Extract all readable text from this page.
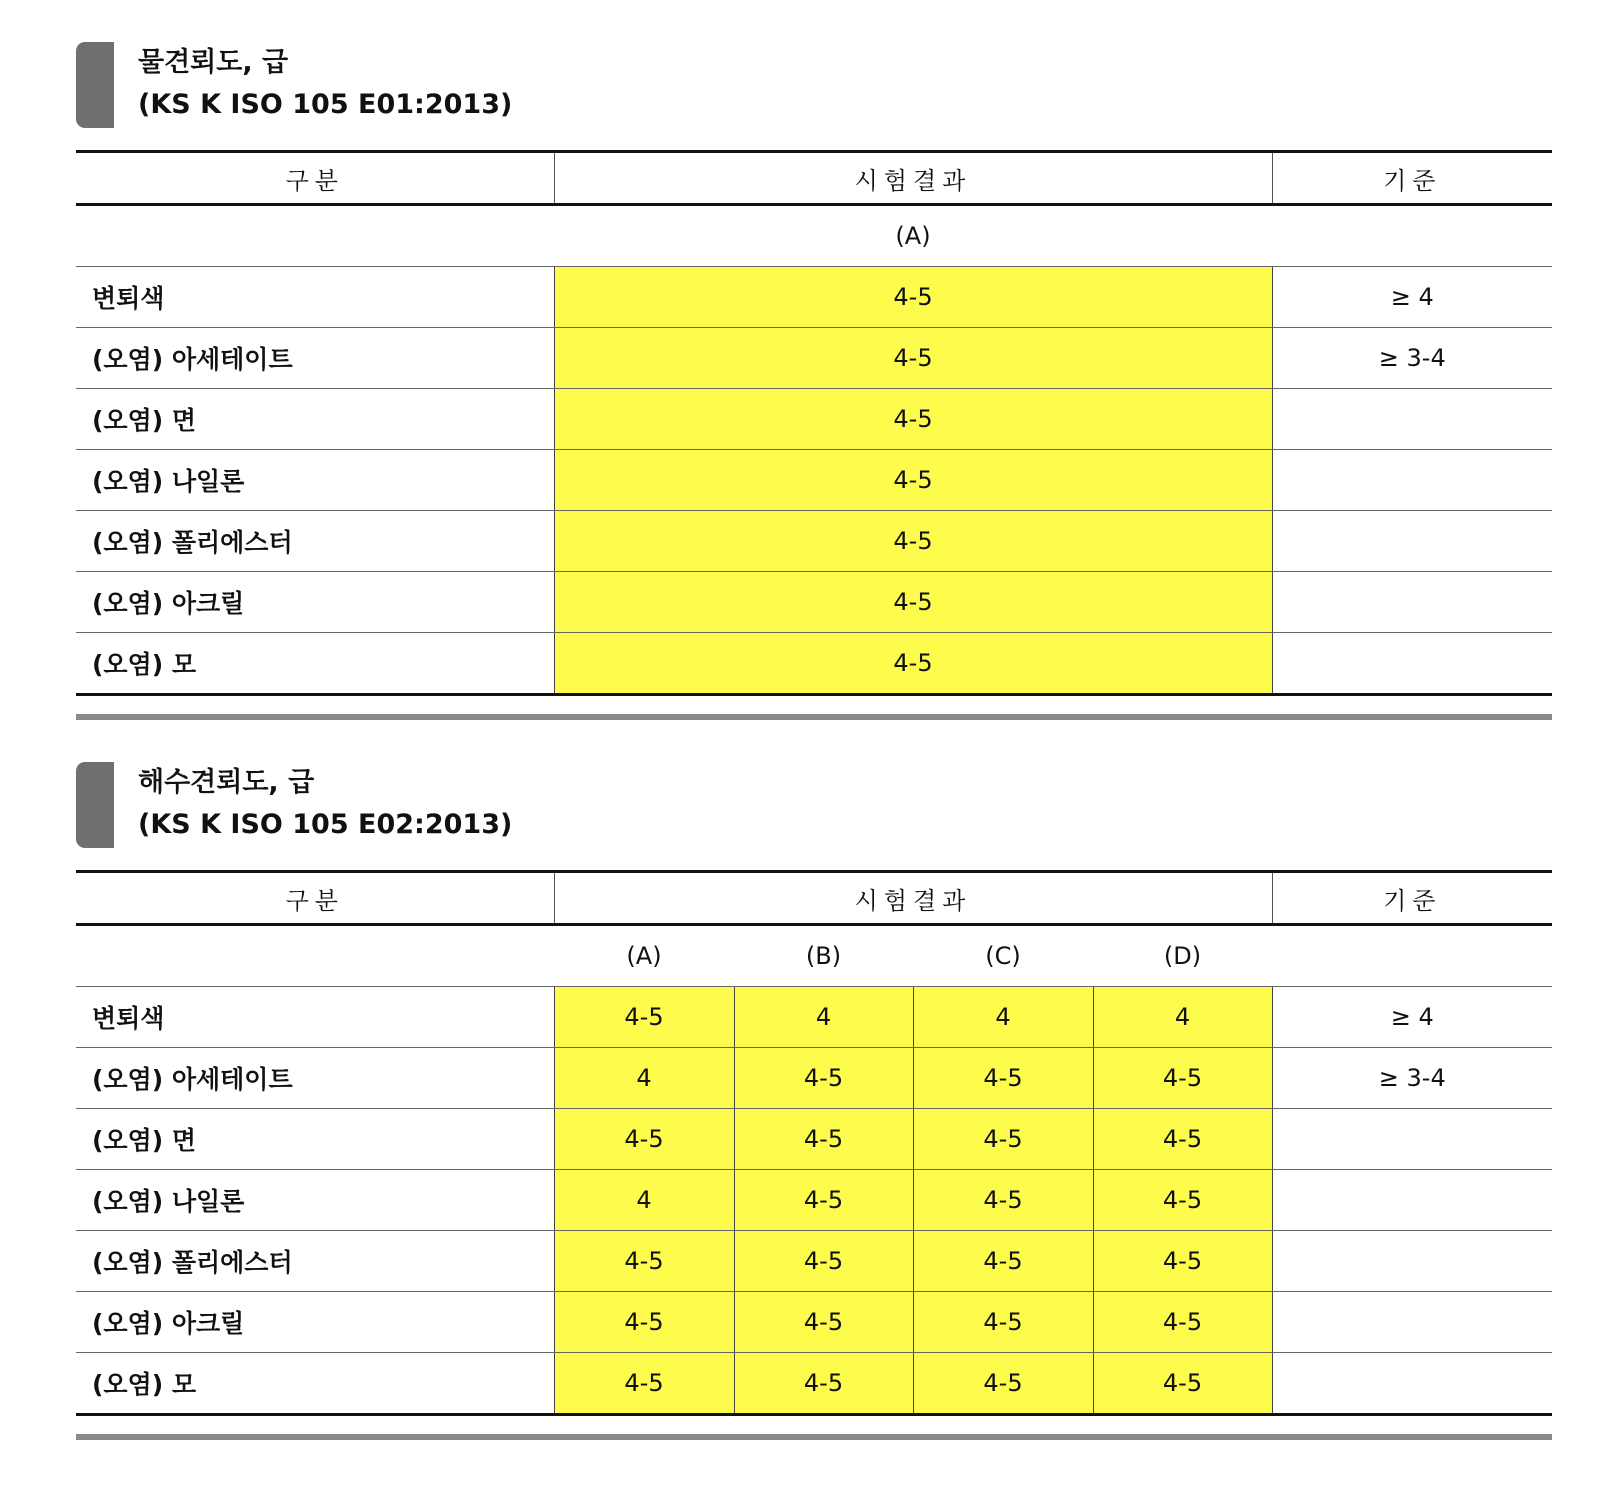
물견뢰도, 급
(KS K ISO 105 E01:2013)
구분	시험결과	기준
	(A)	
변퇴색	4-5	≥ 4
(오염) 아세테이트	4-5	≥ 3-4
(오염) 면	4-5	
(오염) 나일론	4-5	
(오염) 폴리에스터	4-5	
(오염) 아크릴	4-5	
(오염) 모	4-5	
해수견뢰도, 급
(KS K ISO 105 E02:2013)
구분	시험결과				기준
	(A)	(B)	(C)	(D)	
변퇴색	4-5	4	4	4	≥ 4
(오염) 아세테이트	4	4-5	4-5	4-5	≥ 3-4
(오염) 면	4-5	4-5	4-5	4-5	
(오염) 나일론	4	4-5	4-5	4-5	
(오염) 폴리에스터	4-5	4-5	4-5	4-5	
(오염) 아크릴	4-5	4-5	4-5	4-5	
(오염) 모	4-5	4-5	4-5	4-5	
